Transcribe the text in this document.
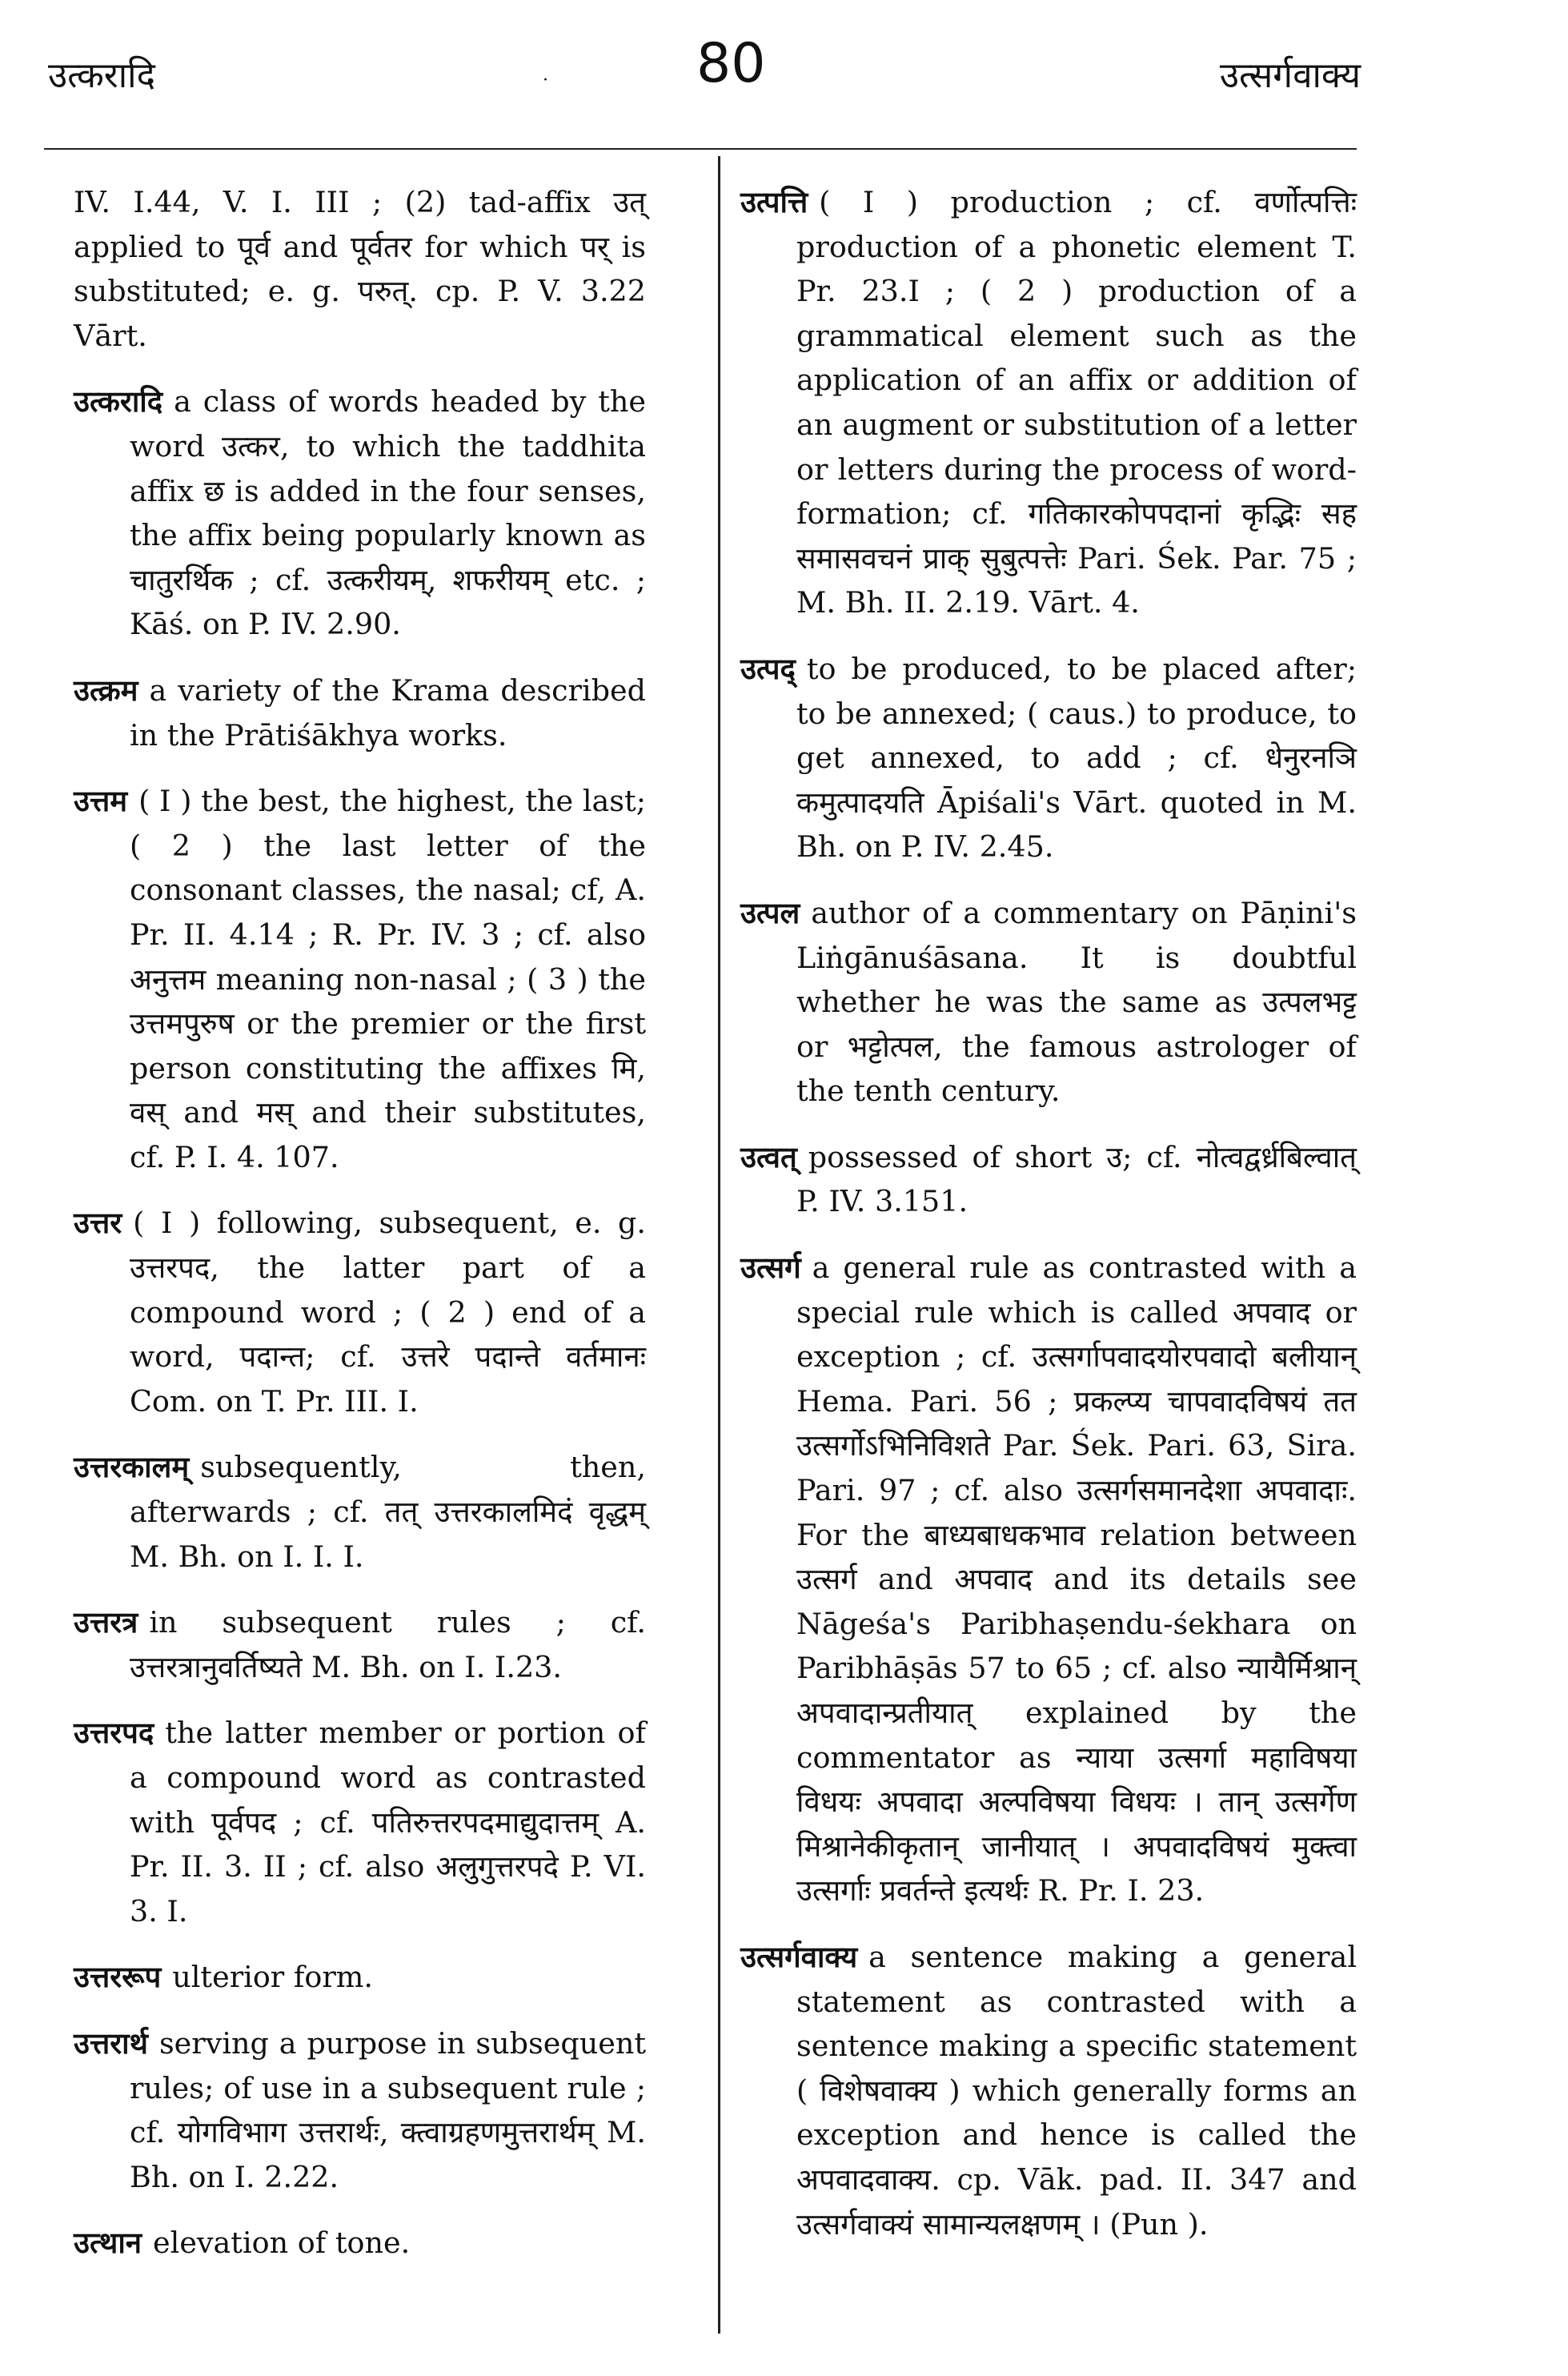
उत्करादि	80	उत्सर्गवाक्य
·
IV. I.44, V. I. III ; (2) tad-affix उत् applied to पूर्व and पूर्वतर for which पर् is substituted; e. g. परुत्. cp. P. V. 3.22 Vārt.
उत्करादि a class of words headed by the word उत्कर, to which the taddhita affix छ is added in the four senses, the affix being popularly known as चातुरर्थिक ; cf. उत्करीयम्, शफरीयम् etc. ; Kāś. on P. IV. 2.90.
उत्क्रम a variety of the Krama described in the Prātiśākhya works.
उत्तम ( I ) the best, the highest, the last; ( 2 ) the last letter of the consonant classes, the nasal; cf, A. Pr. II. 4.14 ; R. Pr. IV. 3 ; cf. also अनुत्तम meaning non-nasal ; ( 3 ) the उत्तमपुरुष or the premier or the first person constituting the affixes मि, वस् and मस् and their substitutes, cf. P. I. 4. 107.
उत्तर ( I ) following, subsequent, e. g. उत्तरपद, the latter part of a compound word ; ( 2 ) end of a word, पदान्त; cf. उत्तरे पदान्ते वर्तमानः Com. on T. Pr. III. I.
उत्तरकालम् subsequently, then, afterwards ; cf. तत् उत्तरकालमिदं वृद्धम् M. Bh. on I. I. I.
उत्तरत्र in subsequent rules ; cf. उत्तरत्रानुवर्तिष्यते M. Bh. on I. I.23.
उत्तरपद the latter member or portion of a compound word as contrasted with पूर्वपद ; cf. पतिरुत्तरपदमाद्युदात्तम् A. Pr. II. 3. II ; cf. also अलुगुत्तरपदे P. VI. 3. I.
उत्तररूप ulterior form.
उत्तरार्थ serving a purpose in subsequent rules; of use in a subsequent rule ; cf. योगविभाग उत्तरार्थः, क्त्वाग्रहणमुत्तरार्थम् M. Bh. on I. 2.22.
उत्थान elevation of tone.
उत्पत्ति ( I ) production ; cf. वर्णोत्पत्तिः production of a phonetic element T. Pr. 23.I ; ( 2 ) production of a grammatical element such as the application of an affix or addition of an augment or substitution of a letter or letters during the process of word-formation; cf. गतिकारकोपपदानां कृद्भिः सह समासवचनं प्राक् सुबुत्पत्तेः Pari. Śek. Par. 75 ; M. Bh. II. 2.19. Vārt. 4.
उत्पद् to be produced, to be placed after; to be annexed; ( caus.) to produce, to get annexed, to add ; cf. धेनुरनञि कमुत्पादयति Āpiśali's Vārt. quoted in M. Bh. on P. IV. 2.45.
उत्पल author of a commentary on Pāṇini's Liṅgānuśāsana. It is doubtful whether he was the same as उत्पलभट्ट or भट्टोत्पल, the famous astrologer of the tenth century.
उत्वत् possessed of short उ; cf. नोत्वद्वर्ध्रबिल्वात् P. IV. 3.151.
उत्सर्ग a general rule as contrasted with a special rule which is called अपवाद or exception ; cf. उत्सर्गापवादयोरपवादो बलीयान् Hema. Pari. 56 ; प्रकल्प्य चापवादविषयं तत उत्सर्गोऽभिनिविशते Par. Śek. Pari. 63, Sira. Pari. 97 ; cf. also उत्सर्गसमानदेशा अपवादाः. For the बाध्यबाधकभाव relation between उत्सर्ग and अपवाद and its details see Nāgeśa's Paribhaṣendu-śekhara on Paribhāṣās 57 to 65 ; cf. also न्यायैर्मिश्रान् अपवादान्प्रतीयात् explained by the commentator as न्याया उत्सर्गा महाविषया विधयः अपवादा अल्पविषया विधयः । तान् उत्सर्गेण मिश्रानेकीकृतान् जानीयात् । अपवादविषयं मुक्त्वा उत्सर्गाः प्रवर्तन्ते इत्यर्थः R. Pr. I. 23.
उत्सर्गवाक्य a sentence making a general statement as contrasted with a sentence making a specific statement ( विशेषवाक्य ) which generally forms an exception and hence is called the अपवादवाक्य. cp. Vāk. pad. II. 347 and उत्सर्गवाक्यं सामान्यलक्षणम् । (Pun ).
